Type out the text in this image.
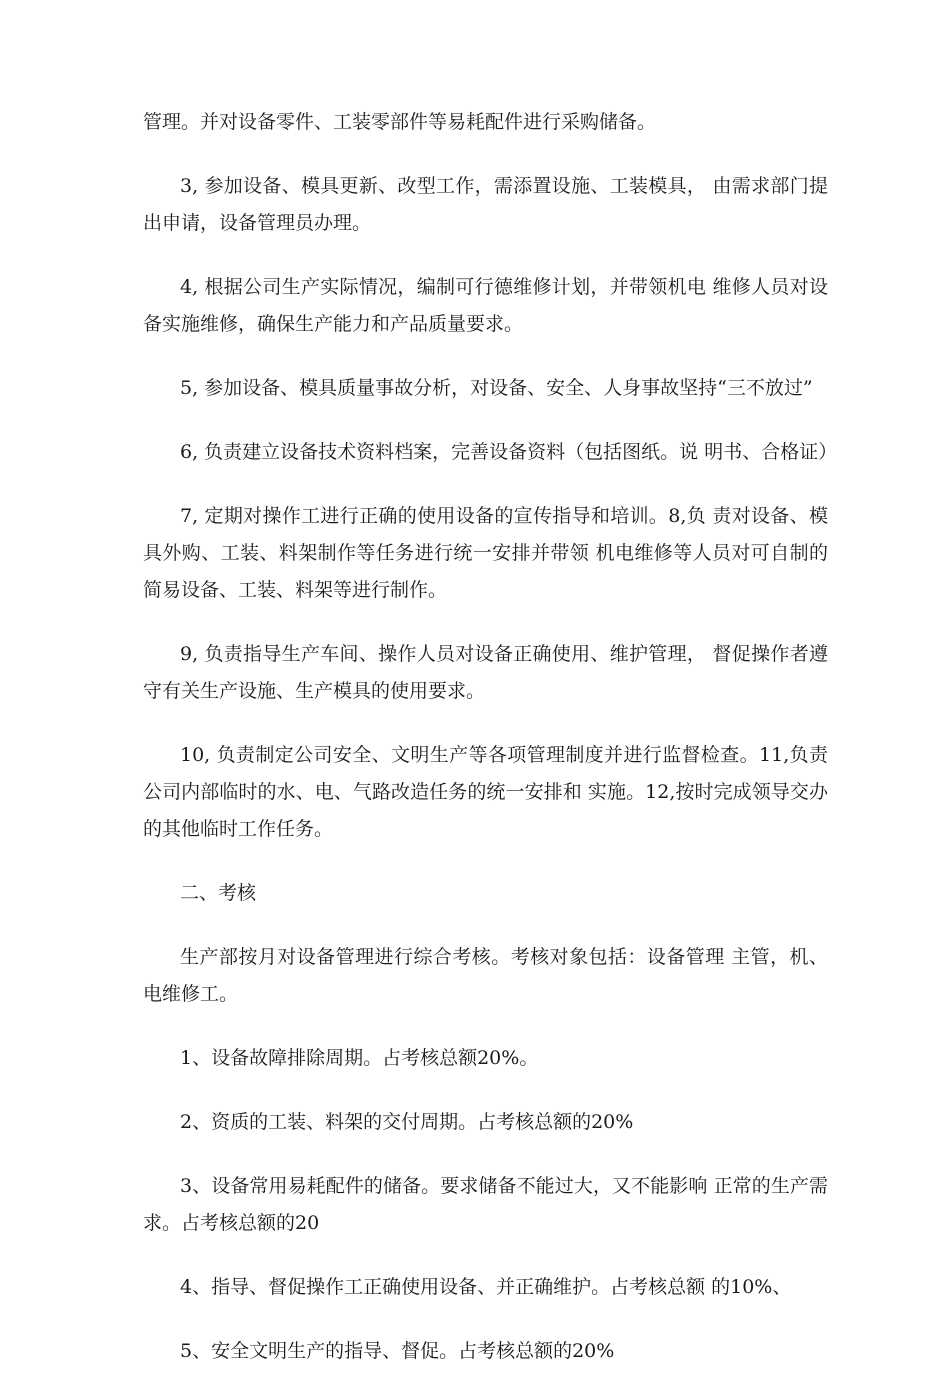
管理。并对设备零件、工装零部件等易耗配件进行采购储备。

3, 参加设备、模具更新、改型工作，需添置设施、工装模具， 由需求部门提出申请，设备管理员办理。

4, 根据公司生产实际情况，编制可行德维修计划，并带领机电 维修人员对设备实施维修，确保生产能力和产品质量要求。

5, 参加设备、模具质量事故分析，对设备、安全、人身事故坚持“三不放过”

6, 负责建立设备技术资料档案，完善设备资料（包括图纸。说 明书、合格证）

7, 定期对操作工进行正确的使用设备的宣传指导和培训。8,负 责对设备、模具外购、工装、料架制作等任务进行统一安排并带领 机电维修等人员对可自制的简易设备、工装、料架等进行制作。

9, 负责指导生产车间、操作人员对设备正确使用、维护管理， 督促操作者遵守有关生产设施、生产模具的使用要求。

10, 负责制定公司安全、文明生产等各项管理制度并进行监督检查。11,负责公司内部临时的水、电、气路改造任务的统一安排和 实施。12,按时完成领导交办的其他临时工作任务。

二、考核

生产部按月对设备管理进行综合考核。考核对象包括：设备管理 主管，机、电维修工。

1、设备故障排除周期。占考核总额20%。

2、资质的工装、料架的交付周期。占考核总额的20%

3、设备常用易耗配件的储备。要求储备不能过大，又不能影响 正常的生产需求。占考核总额的20

4、指导、督促操作工正确使用设备、并正确维护。占考核总额 的10%、

5、安全文明生产的指导、督促。占考核总额的20%
